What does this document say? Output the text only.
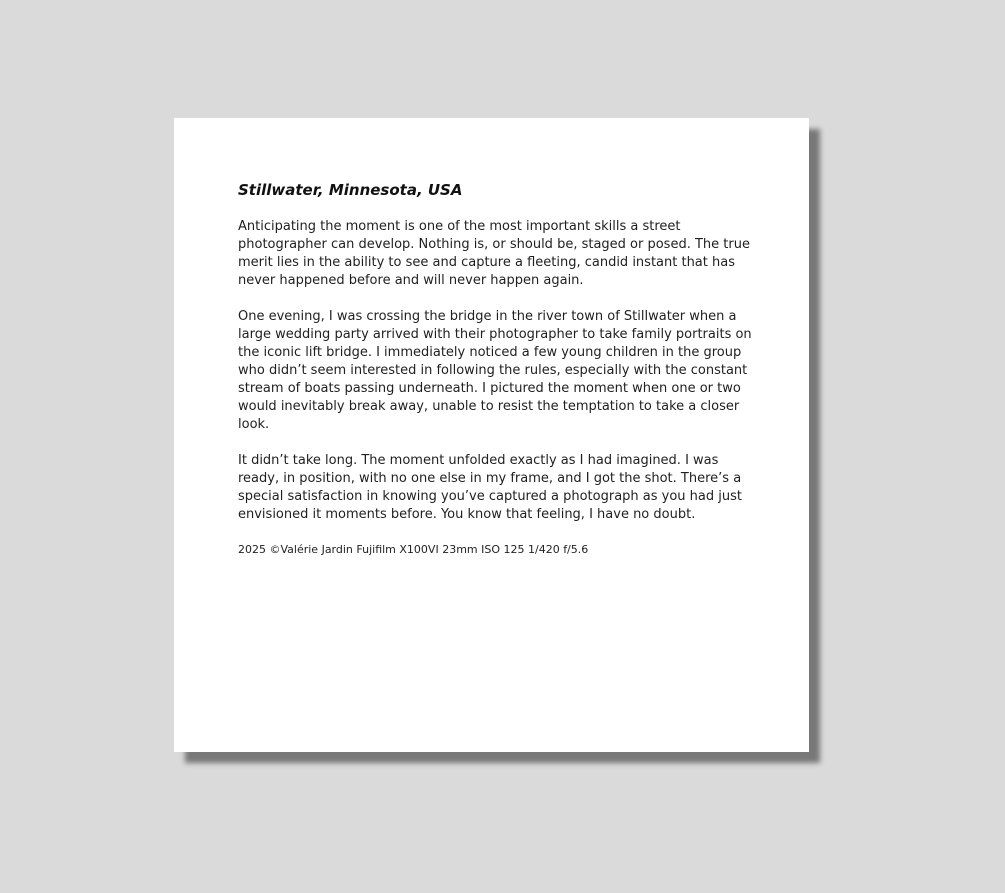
Stillwater, Minnesota, USA

Anticipating the moment is one of the most important skills a street photographer can develop. Nothing is, or should be, staged or posed. The true merit lies in the ability to see and capture a fleeting, candid instant that has never happened before and will never happen again.

One evening, I was crossing the bridge in the river town of Stillwater when a large wedding party arrived with their photographer to take family portraits on the iconic lift bridge. I immediately noticed a few young children in the group who didn’t seem interested in following the rules, especially with the constant stream of boats passing underneath. I pictured the moment when one or two would inevitably break away, unable to resist the temptation to take a closer look.

It didn’t take long. The moment unfolded exactly as I had imagined. I was ready, in position, with no one else in my frame, and I got the shot. There’s a special satisfaction in knowing you’ve captured a photograph as you had just envisioned it moments before. You know that feeling, I have no doubt.

2025 ©Valérie Jardin Fujifilm X100VI 23mm ISO 125 1/420 f/5.6
